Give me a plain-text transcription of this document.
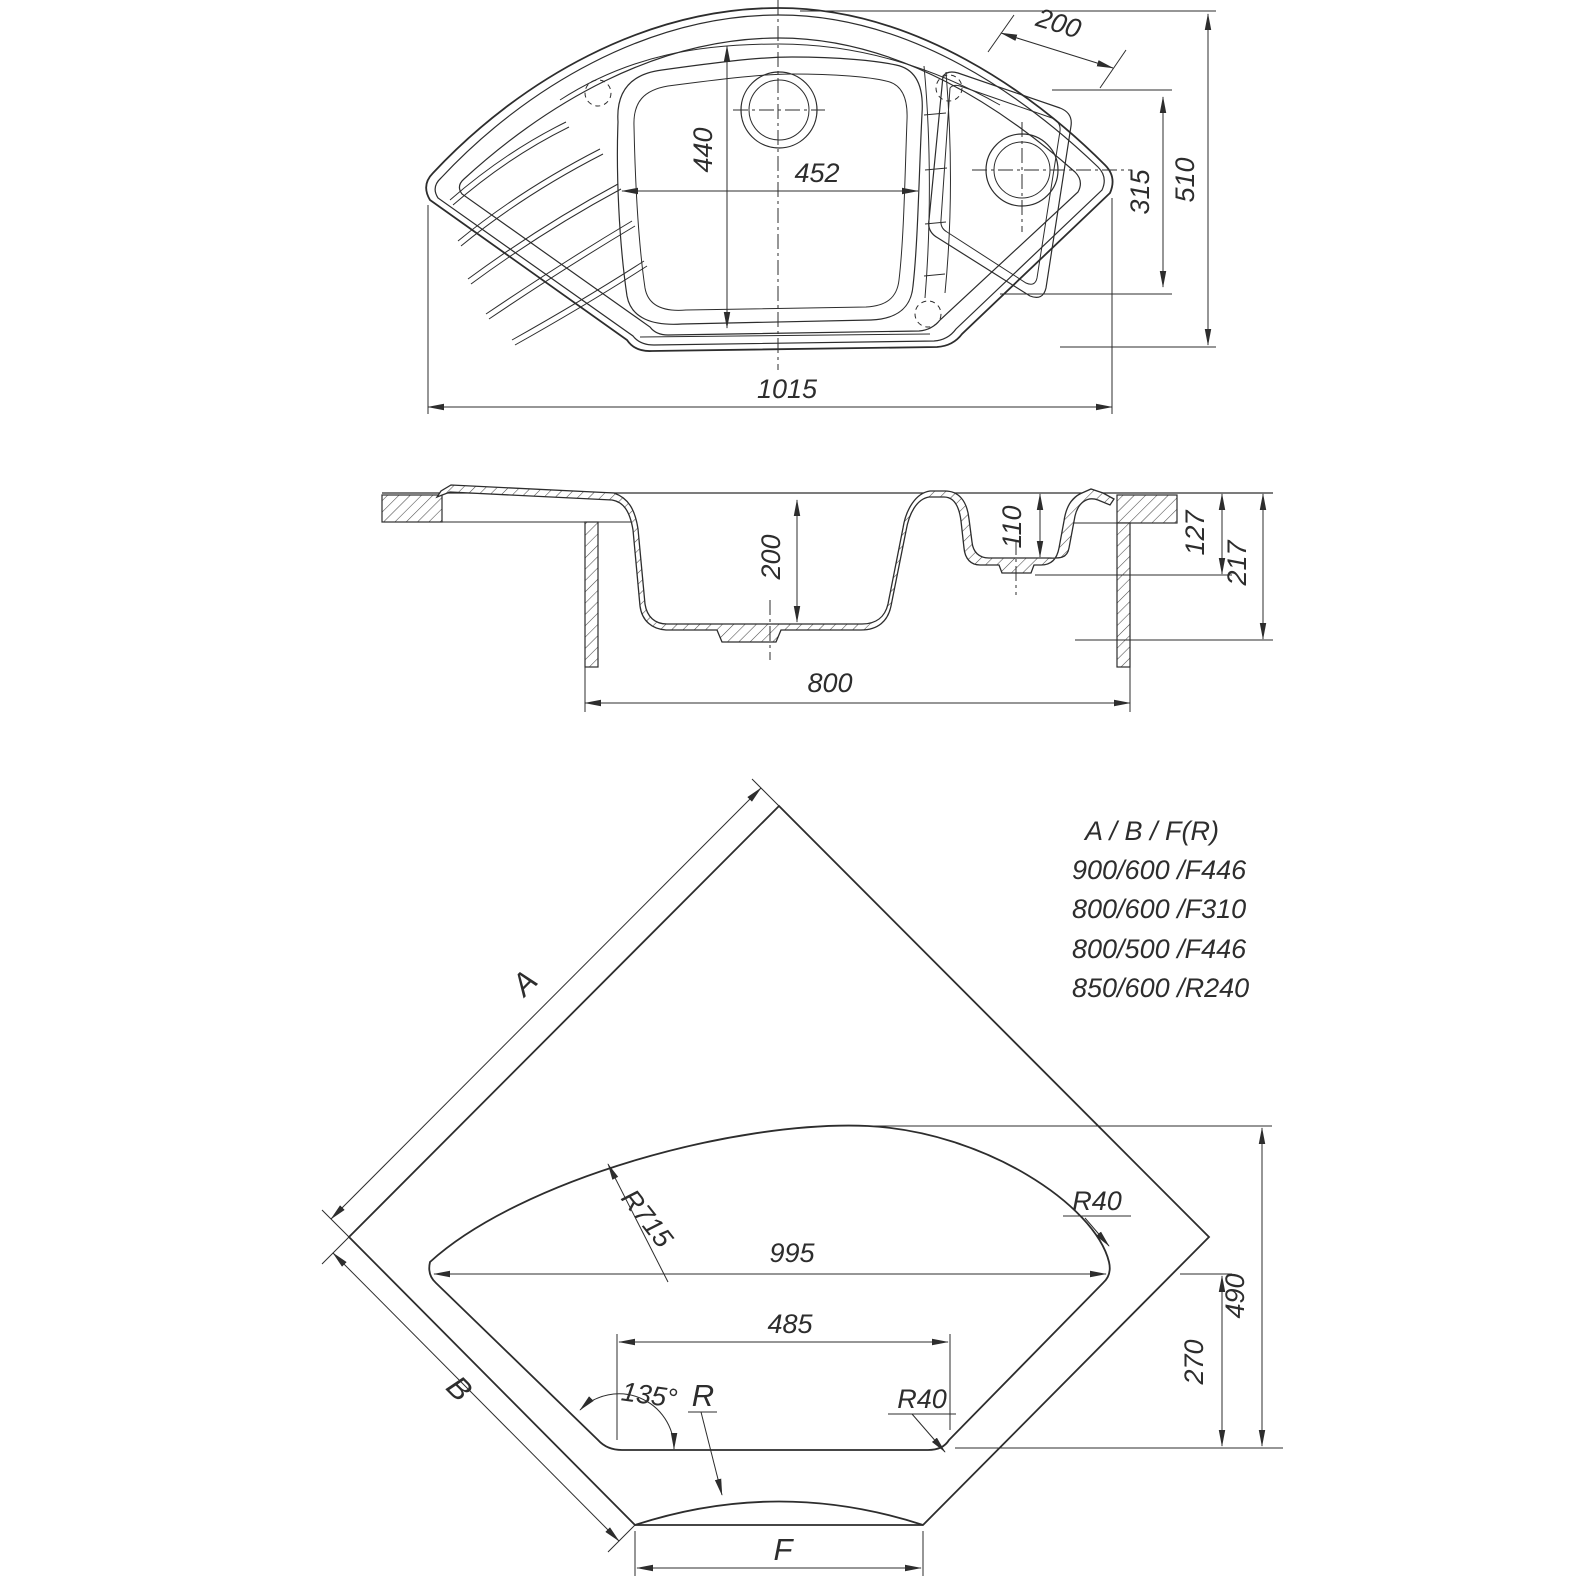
440
452
200
315 510
1015
200
110	127
217
800
A
B
F
R
135°
R715	R40
R40
995
485
490
270
A / B / F(R)
900/600 /F446
800/600 /F310
800/500 /F446
850/600 /R240
